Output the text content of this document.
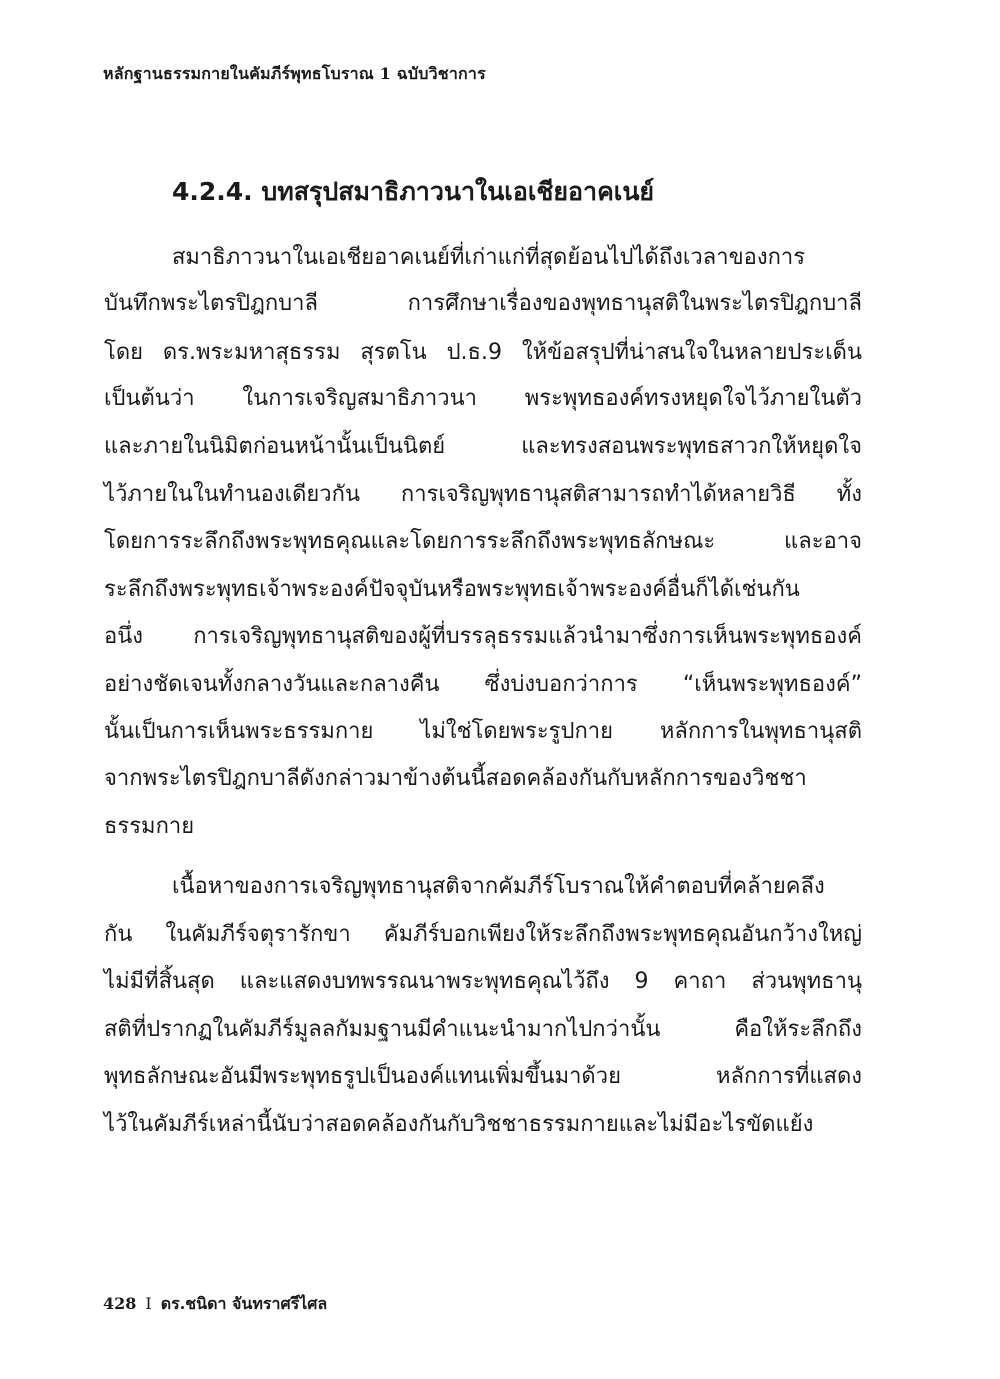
หลักฐานธรรมกายในคัมภีร์พุทธโบราณ 1 ฉบับวิชาการ
4.2.4. บทสรุปสมาธิภาวนาในเอเชียอาคเนย์
สมาธิภาวนาในเอเชียอาคเนย์ที่เก่าแก่ที่สุดย้อนไปได้ถึงเวลาของการ
บันทึกพระไตรปิฎกบาลี การศึกษาเรื่องของพุทธานุสติในพระไตรปิฎกบาลี
โดย ดร.พระมหาสุธรรม สุรตโน ป.ธ.9 ให้ข้อสรุปที่น่าสนใจในหลายประเด็น
เป็นต้นว่า ในการเจริญสมาธิภาวนา พระพุทธองค์ทรงหยุดใจไว้ภายในตัว
และภายในนิมิตก่อนหน้านั้นเป็นนิตย์ และทรงสอนพระพุทธสาวกให้หยุดใจ
ไว้ภายในในทำนองเดียวกัน การเจริญพุทธานุสติสามารถทำได้หลายวิธี ทั้ง
โดยการระลึกถึงพระพุทธคุณและโดยการระลึกถึงพระพุทธลักษณะ และอาจ
ระลึกถึงพระพุทธเจ้าพระองค์ปัจจุบันหรือพระพุทธเจ้าพระองค์อื่นก็ได้เช่นกัน
อนึ่ง การเจริญพุทธานุสติของผู้ที่บรรลุธรรมแล้วนำมาซึ่งการเห็นพระพุทธองค์
อย่างชัดเจนทั้งกลางวันและกลางคืน ซึ่งบ่งบอกว่าการ “เห็นพระพุทธองค์”
นั้นเป็นการเห็นพระธรรมกาย ไม่ใช่โดยพระรูปกาย หลักการในพุทธานุสติ
จากพระไตรปิฎกบาลีดังกล่าวมาข้างต้นนี้สอดคล้องกันกับหลักการของวิชชา
ธรรมกาย
เนื้อหาของการเจริญพุทธานุสติจากคัมภีร์โบราณให้คำตอบที่คล้ายคลึง
กัน ในคัมภีร์จตุรารักขา คัมภีร์บอกเพียงให้ระลึกถึงพระพุทธคุณอันกว้างใหญ่
ไม่มีที่สิ้นสุด และแสดงบทพรรณนาพระพุทธคุณไว้ถึง 9 คาถา ส่วนพุทธานุ
สติที่ปรากฏในคัมภีร์มูลลกัมมฐานมีคำแนะนำมากไปกว่านั้น คือให้ระลึกถึง
พุทธลักษณะอันมีพระพุทธรูปเป็นองค์แทนเพิ่มขึ้นมาด้วย หลักการที่แสดง
ไว้ในคัมภีร์เหล่านี้นับว่าสอดคล้องกันกับวิชชาธรรมกายและไม่มีอะไรขัดแย้ง
428 I ดร.ชนิดา จันทราศรีไศล
